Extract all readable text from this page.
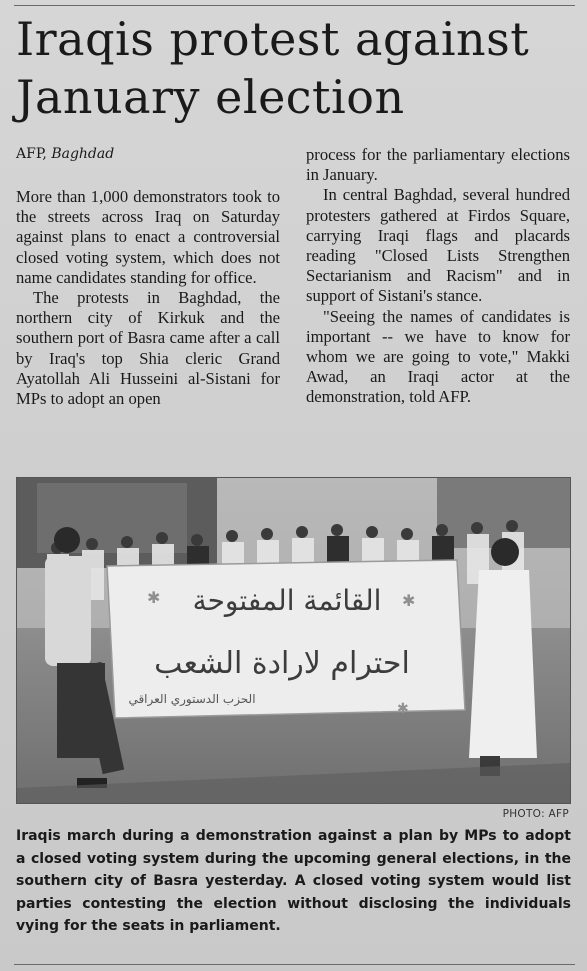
Iraqis protest against January election
AFP, Baghdad

More than 1,000 demonstrators took to the streets across Iraq on Saturday against plans to enact a controversial closed voting system, which does not name candidates standing for office.

The protests in Baghdad, the northern city of Kirkuk and the southern port of Basra came after a call by Iraq's top Shia cleric Grand Ayatollah Ali Husseini al-Sistani for MPs to adopt an open

process for the parliamentary elections in January.

In central Baghdad, several hundred protesters gathered at Firdos Square, carrying Iraqi flags and placards reading "Closed Lists Strengthen Sectarianism and Racism" and in support of Sistani's stance.

"Seeing the names of candidates is important -- we have to know for whom we are going to vote," Makki Awad, an Iraqi actor at the demonstration, told AFP.

القائمة المفتوحة
احترام لارادة الشعب
الحزب الدستوري العراقي
✱	✱
✱
PHOTO: AFP
Iraqis march during a demonstration against a plan by MPs to adopt a closed voting system during the upcoming general elections, in the southern city of Basra yesterday. A closed voting system would list parties contesting the election without disclosing the individuals vying for the seats in parliament.
